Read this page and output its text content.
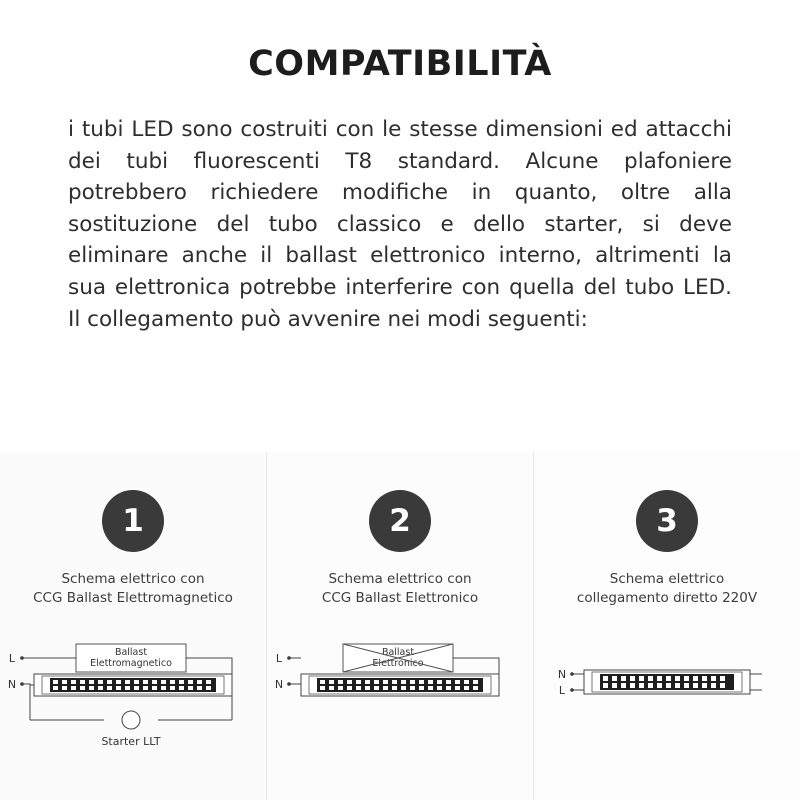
COMPATIBILITÀ

i tubi LED sono costruiti con le stesse dimensioni ed attacchi dei tubi fluorescenti T8 standard. Alcune plafoniere potrebbero richiedere modifiche in quanto, oltre alla sostituzione del tubo classico e dello starter, si deve eliminare anche il ballast elettronico interno, altrimenti la sua elettronica potrebbe interferire con quella del tubo LED. Il collegamento può avvenire nei modi seguenti:

1
Schema elettrico con
CCG Ballast Elettromagnetico
Ballast
Elettromagnetico
L
N
Starter LLT
2
Schema elettrico con
CCG Ballast Elettronico
Ballast
Elettronico
L
N
3
Schema elettrico
collegamento diretto 220V
N
L
